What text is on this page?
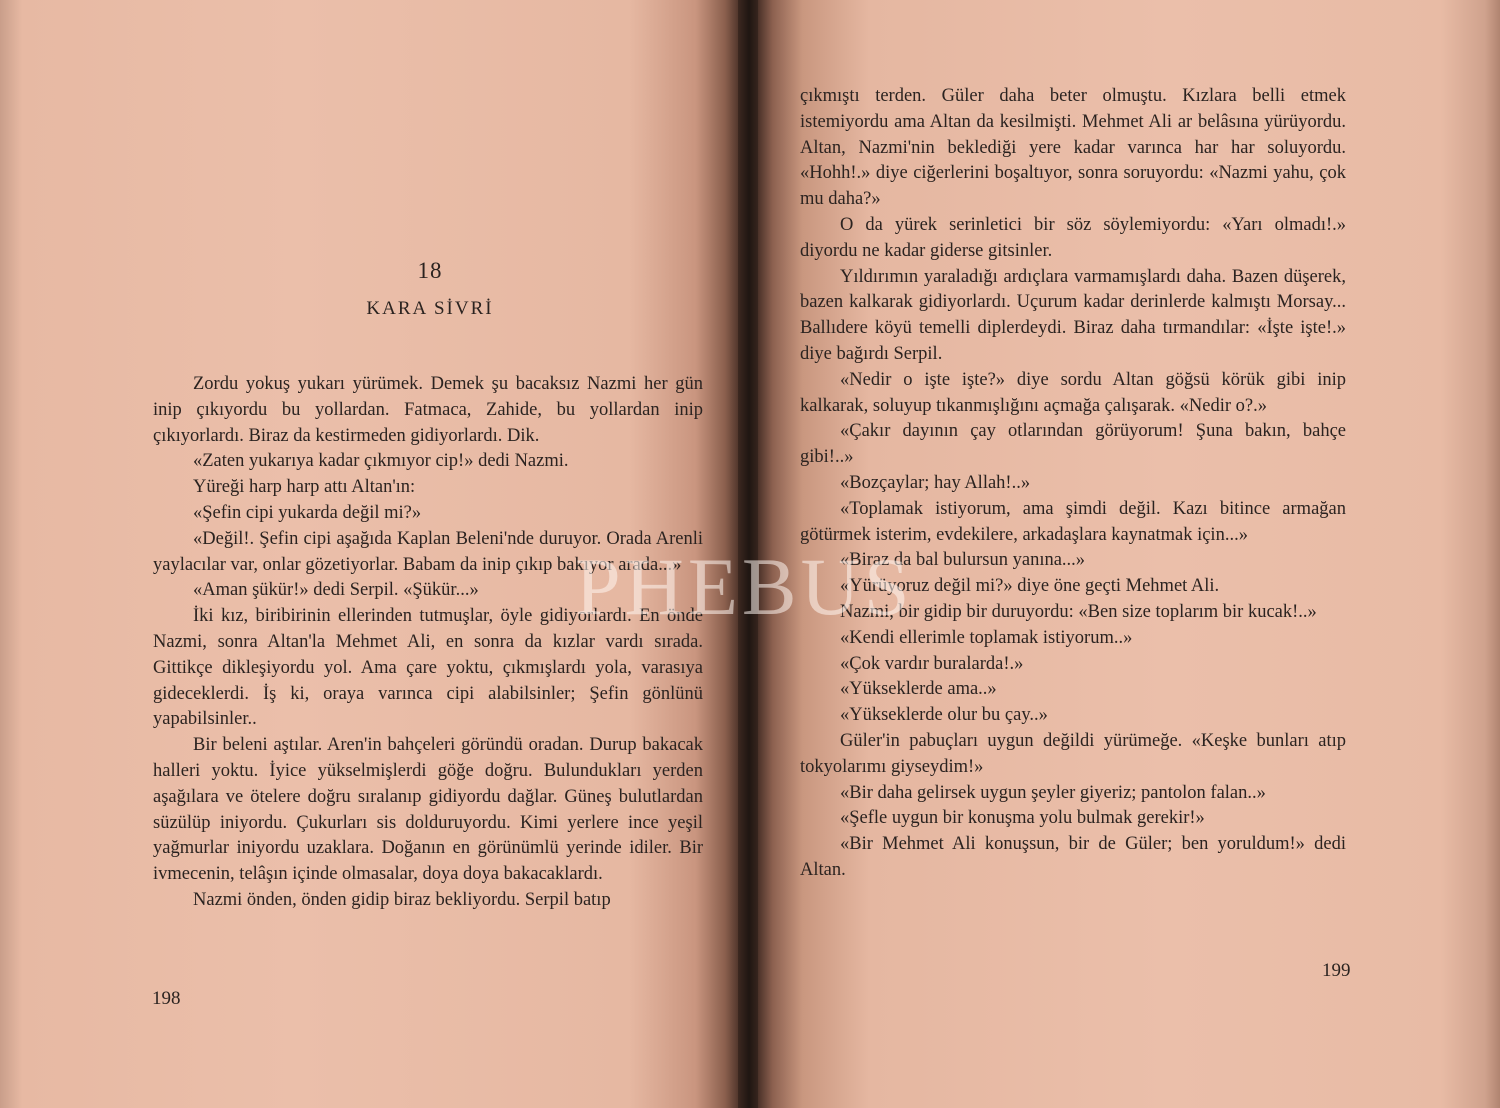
18
KARA SİVRİ

Zordu yokuş yukarı yürümek. Demek şu bacaksız Nazmi her gün inip çıkıyordu bu yollardan. Fatmaca, Zahide, bu yollardan inip çıkıyorlardı. Biraz da kestirmeden gidiyorlardı. Dik.

«Zaten yukarıya kadar çıkmıyor cip!» dedi Nazmi.

Yüreği harp harp attı Altan'ın:

«Şefin cipi yukarda değil mi?»

«Değil!. Şefin cipi aşağıda Kaplan Beleni'nde duruyor. Orada Arenli yaylacılar var, onlar gözetiyorlar. Babam da inip çıkıp bakıyor arada...»

«Aman şükür!» dedi Serpil. «Şükür...»

İki kız, biribirinin ellerinden tutmuşlar, öyle gidiyorlardı. En önde Nazmi, sonra Altan'la Mehmet Ali, en sonra da kızlar vardı sırada. Gittikçe dikleşiyordu yol. Ama çare yoktu, çıkmışlardı yola, varasıya gideceklerdi. İş ki, oraya varınca cipi alabilsinler; Şefin gönlünü yapabilsinler..

Bir beleni aştılar. Aren'in bahçeleri göründü oradan. Durup bakacak halleri yoktu. İyice yükselmişlerdi göğe doğru. Bulundukları yerden aşağılara ve ötelere doğru sıralanıp gidiyordu dağlar. Güneş bulutlardan süzülüp iniyordu. Çukurları sis dolduruyordu. Kimi yerlere ince yeşil yağmurlar iniyordu uzaklara. Doğanın en görünümlü yerinde idiler. Bir ivmecenin, telâşın içinde olmasalar, doya doya bakacaklardı.

Nazmi önden, önden gidip biraz bekliyordu. Serpil batıp

198

çıkmıştı terden. Güler daha beter olmuştu. Kızlara belli etmek istemiyordu ama Altan da kesilmişti. Mehmet Ali ar belâsına yürüyordu. Altan, Nazmi'nin beklediği yere kadar varınca har har soluyordu. «Hohh!.» diye ciğerlerini boşaltıyor, sonra soruyordu: «Nazmi yahu, çok mu daha?»

O da yürek serinletici bir söz söylemiyordu: «Yarı olmadı!.» diyordu ne kadar giderse gitsinler.

Yıldırımın yaraladığı ardıçlara varmamışlardı daha. Bazen düşerek, bazen kalkarak gidiyorlardı. Uçurum kadar derinlerde kalmıştı Morsay... Ballıdere köyü temelli diplerdeydi. Biraz daha tırmandılar: «İşte işte!.» diye bağırdı Serpil.

«Nedir o işte işte?» diye sordu Altan göğsü körük gibi inip kalkarak, soluyup tıkanmışlığını açmağa çalışarak. «Nedir o?.»

«Çakır dayının çay otlarından görüyorum! Şuna bakın, bahçe gibi!..»

«Bozçaylar; hay Allah!..»

«Toplamak istiyorum, ama şimdi değil. Kazı bitince armağan götürmek isterim, evdekilere, arkadaşlara kaynatmak için...»

«Biraz da bal bulursun yanına...»

«Yürüyoruz değil mi?» diye öne geçti Mehmet Ali.

Nazmi, bir gidip bir duruyordu: «Ben size toplarım bir kucak!..»

«Kendi ellerimle toplamak istiyorum..»

«Çok vardır buralarda!.»

«Yükseklerde ama..»

«Yükseklerde olur bu çay..»

Güler'in pabuçları uygun değildi yürümeğe. «Keşke bunları atıp tokyolarımı giyseydim!»

«Bir daha gelirsek uygun şeyler giyeriz; pantolon falan..»

«Şefle uygun bir konuşma yolu bulmak gerekir!»

«Bir Mehmet Ali konuşsun, bir de Güler; ben yoruldum!» dedi Altan.

199
PHEBUS
